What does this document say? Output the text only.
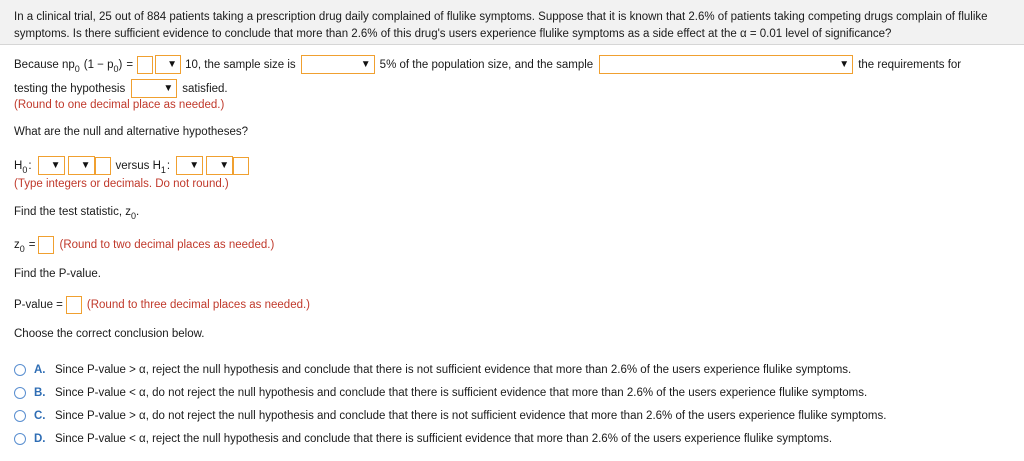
In a clinical trial, 25 out of 884 patients taking a prescription drug daily complained of flulike symptoms. Suppose that it is known that 2.6% of patients taking competing drugs complain of flulike symptoms. Is there sufficient evidence to conclude that more than 2.6% of this drug's users experience flulike symptoms as a side effect at the α = 0.01 level of significance?
Because np 0 (1 − p 0 ) =	▼ 10, the sample size is	▼ 5% of the population size, and the sample	▼ the requirements for
testing the hypothesis	▼ satisfied.
(Round to one decimal place as needed.)
What are the null and alternative hypotheses?
H 0 : ▼ ▼ versus H 1 : ▼ ▼
(Type integers or decimals. Do not round.)
Find the test statistic, z 0 .
z 0 = (Round to two decimal places as needed.)
Find the P-value.
P-value = (Round to three decimal places as needed.)
Choose the correct conclusion below.
A. Since P-value > α, reject the null hypothesis and conclude that there is not sufficient evidence that more than 2.6% of the users experience flulike symptoms.
B. Since P-value < α, do not reject the null hypothesis and conclude that there is sufficient evidence that more than 2.6% of the users experience flulike symptoms.
C. Since P-value > α, do not reject the null hypothesis and conclude that there is not sufficient evidence that more than 2.6% of the users experience flulike symptoms.
D. Since P-value < α, reject the null hypothesis and conclude that there is sufficient evidence that more than 2.6% of the users experience flulike symptoms.
